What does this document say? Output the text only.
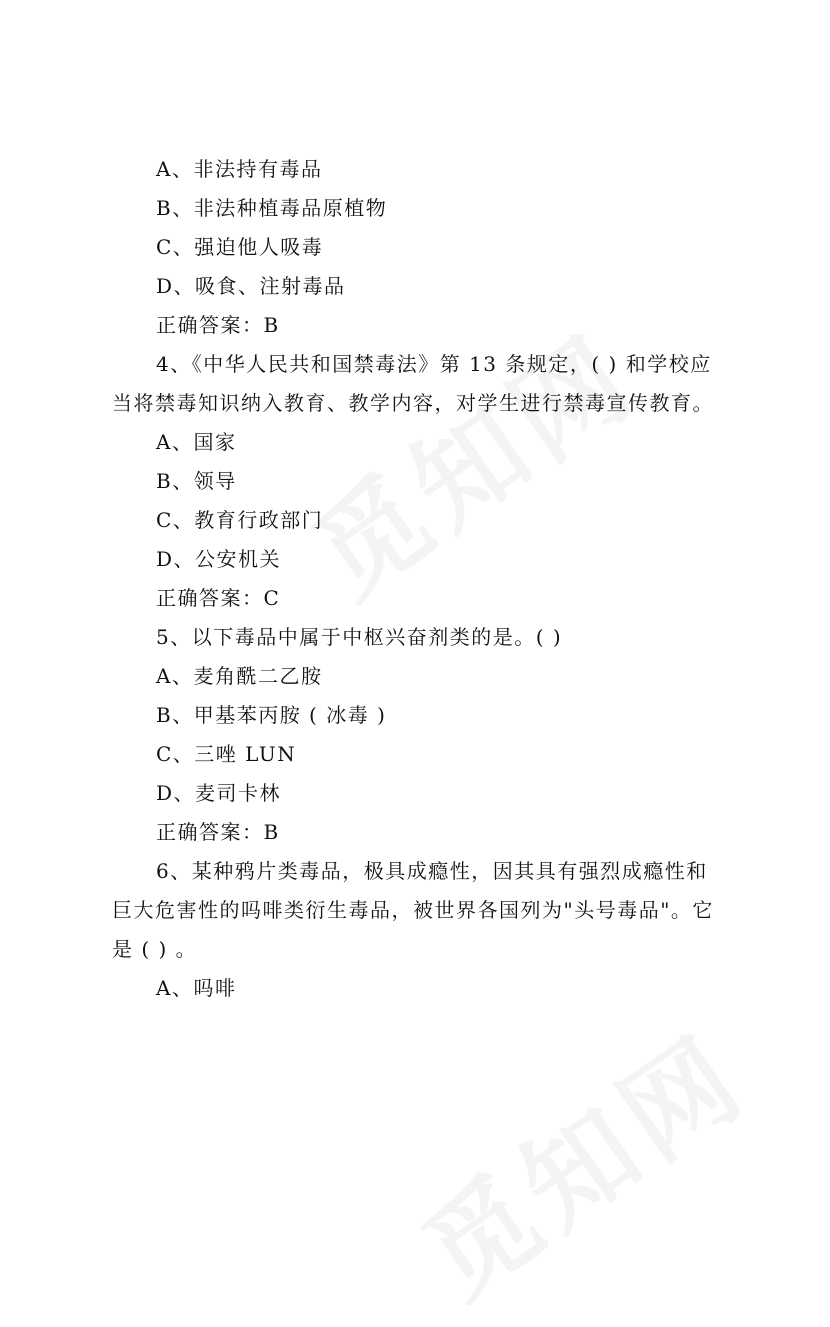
A、非法持有毒品
B、非法种植毒品原植物
C、强迫他人吸毒
D、吸食、注射毒品
正确答案：B
4、《中华人民共和国禁毒法》第 13 条规定，( ) 和学校应
当将禁毒知识纳入教育、教学内容，对学生进行禁毒宣传教育。
A、国家
B、领导
C、教育行政部门
D、公安机关
正确答案：C
5、以下毒品中属于中枢兴奋剂类的是。( )
A、麦角酰二乙胺
B、甲基苯丙胺 ( 冰毒 )
C、三唑 LUN
D、麦司卡林
正确答案：B
6、某种鸦片类毒品，极具成瘾性，因其具有强烈成瘾性和
巨大危害性的吗啡类衍生毒品，被世界各国列为"头号毒品"。它
是 ( ) 。
A、吗啡
